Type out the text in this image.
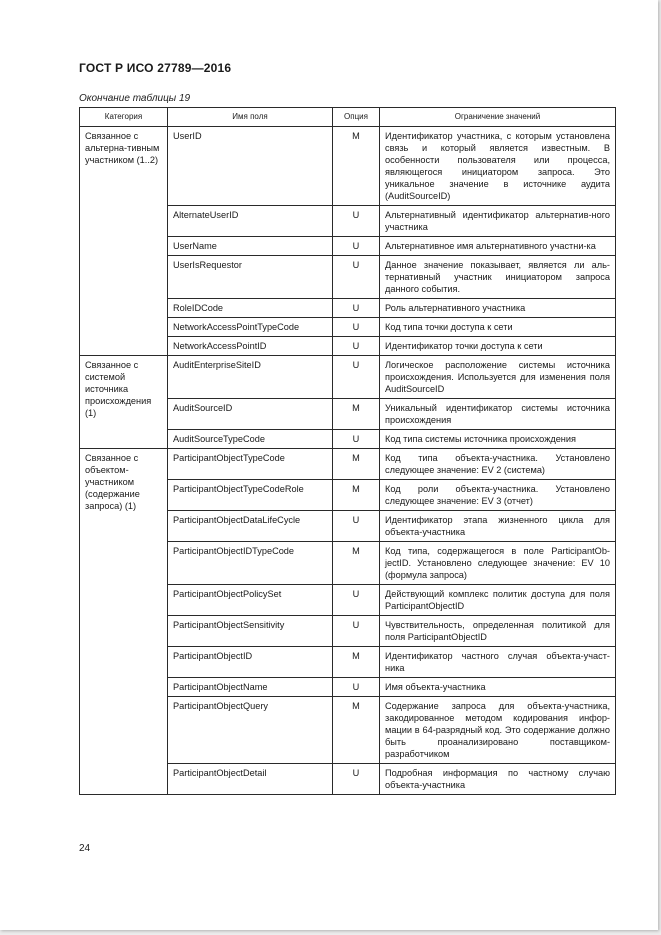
ГОСТ Р ИСО 27789—2016
Окончание таблицы 19
Категория	Имя поля	Опция	Ограничение значений
Связанное с альтерна-тивным участником (1..2)	UserID	M	Идентификатор участника, с которым установлена связь и который является известным. В особенности пользователя или процесса, являющегося инициатором запроса. Это уникальное значение в источнике аудита (AuditSourceID)
	AlternateUserID	U	Альтернативный идентификатор альтернатив-ного участника
	UserName	U	Альтернативное имя альтернативного участни-ка
	UserIsRequestor	U	Данное значение показывает, является ли аль-тернативный участник инициатором запроса данного события.
	RoleIDCode	U	Роль альтернативного участника
	NetworkAccessPointTypeCode	U	Код типа точки доступа к сети
	NetworkAccessPointID	U	Идентификатор точки доступа к сети
Связанное с системой источника происхождения (1)	AuditEnterpriseSiteID	U	Логическое расположение системы источника происхождения. Используется для изменения поля AuditSourceID
	AuditSourceID	M	Уникальный идентификатор системы источника происхождения
	AuditSourceTypeCode	U	Код типа системы источника происхождения
Связанное с объектом-участником (содержание запроса) (1)	ParticipantObjectTypeCode	M	Код типа объекта-участника. Установлено следующее значение: EV 2 (система)
	ParticipantObjectTypeCodeRole	M	Код роли объекта-участника. Установлено следующее значение: EV 3 (отчет)
	ParticipantObjectDataLifeCycle	U	Идентификатор этапа жизненного цикла для объекта-участника
	ParticipantObjectIDTypeCode	M	Код типа, содержащегося в поле ParticipantOb-jectID. Установлено следующее значение: EV 10 (формула запроса)
	ParticipantObjectPolicySet	U	Действующий комплекс политик доступа для поля ParticipantObjectID
	ParticipantObjectSensitivity	U	Чувствительность, определенная политикой для поля ParticipantObjectID
	ParticipantObjectID	M	Идентификатор частного случая объекта-участ-ника
	ParticipantObjectName	U	Имя объекта-участника
	ParticipantObjectQuery	M	Содержание запроса для объекта-участника, закодированное методом кодирования инфор-мации в 64-разрядный код. Это содержание должно быть проанализировано поставщиком-разработчиком
	ParticipantObjectDetail	U	Подробная информация по частному случаю объекта-участника
24
